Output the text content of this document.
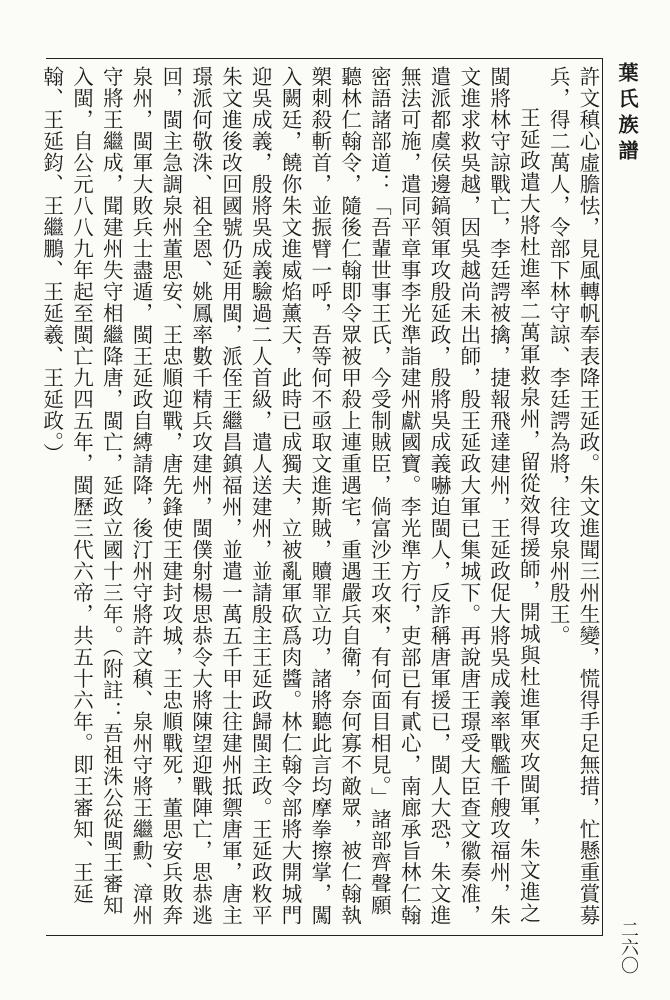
葉氏族譜

許文稹心虛膽怯，見風轉帆奉表降王延政。朱文進聞三州生變，慌得手足無措，忙懸重賞募兵，得二萬人，令部下林守諒、李廷諤為將，往攻泉州殷王。

王延政遣大將杜進率二萬軍救泉州，留從效得援師，開城與杜進軍夾攻閩軍，朱文進之閩將林守諒戰亡，李廷諤被擒，捷報飛達建州，王延政促大將吳成義率戰艦千艘攻福州，朱文進求救吳越，因吳越尚未出師，殷王延政大軍已集城下。再說唐王璟受大臣查文徽奏准，遣派都虞侯邊鎬領軍攻殷延政，殷將吳成義嚇迫閩人，反詐稱唐軍援已，閩人大恐，朱文進無法可施，遣同平章事李光準詣建州獻國寶。李光準方行，吏部已有貳心，南廊承旨林仁翰密語諸部道：「吾輩世事王氏，今受制賊臣，倘富沙王攻來，有何面目相見。」諸部齊聲願聽林仁翰令，隨後仁翰即令眾被甲殺上連重遇宅，重遇嚴兵自衛，奈何寡不敵眾，被仁翰執槊刺殺斬首，並振臂一呼，吾等何不亟取文進斯賊，贖罪立功，諸將聽此言均摩拳擦掌，闖入闕廷，饒你朱文進威焰薰天，此時已成獨夫，立被亂軍砍爲肉醬。林仁翰令部將大開城門迎吳成義，殷將吳成義驗過二人首級，遣人送建州，並請殷主王延政歸閩主政。王延政敉平朱文進後改回國號仍延用閩，派侄王繼昌鎮福州，並遣一萬五千甲士往建州抵禦唐軍，唐主璟派何敬洙、祖全恩、姚鳳率數千精兵攻建州，閩僕射楊思恭令大將陳望迎戰陣亡，思恭逃回，閩主急調泉州董思安、王忠順迎戰，唐先鋒使王建封攻城，王忠順戰死，董思安兵敗奔泉州，閩軍大敗兵士盡遁，閩王延政自縛請降，後汀州守將許文稹、泉州守將王繼勳、漳州守將王繼成，聞建州失守相繼降唐，閩亡，延政立國十三年。（附註：吾祖洙公從閩王審知入閩，自公元八八九年起至閩亡九四五年，閩歷三代六帝，共五十六年。即王審知、王延翰、王延鈞、王繼鵬、王延羲、王延政。）

二六〇
